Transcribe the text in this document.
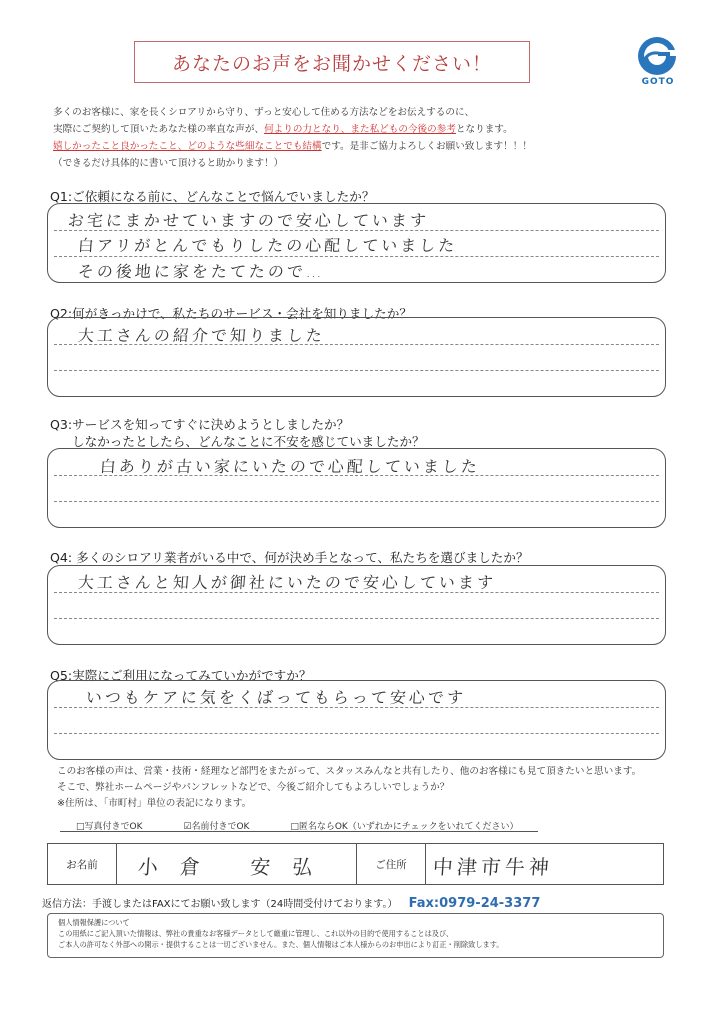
あなたのお声をお聞かせください！
GOTO
多くのお客様に、家を長くシロアリから守り、ずっと安心して住める方法などをお伝えするのに、
実際にご契約して頂いたあなた様の率直な声が、何よりの力となり、また私どもの今後の参考となります。
嬉しかったこと良かったこと、どのような些細なことでも結構です。是非ご協力よろしくお願い致します！！！
（できるだけ具体的に書いて頂けると助かります！）
Q1:ご依頼になる前に、どんなことで悩んでいましたか？
お宅にまかせていますので安心しています
白アリがとんでもりしたの心配していました
その後地に家をたてたので…
Q2:何がきっかけで、私たちのサービス・会社を知りましたか？
大工さんの紹介で知りました
Q3:サービスを知ってすぐに決めようとしましたか？
しなかったとしたら、どんなことに不安を感じていましたか？
白ありが古い家にいたので心配していました
Q4: 多くのシロアリ業者がいる中で、何が決め手となって、私たちを選びましたか？
大工さんと知人が御社にいたので安心しています
Q5:実際にご利用になってみていかがですか？
いつもケアに気をくばってもらって安心です
このお客様の声は、営業・技術・経理など部門をまたがって、スタッスみんなと共有したり、他のお客様にも見て頂きたいと思います。
そこで、弊社ホームページやパンフレットなどで、今後ご紹介してもよろしいでしょうか？
※住所は、「市町村」単位の表記になります。
□写真付きでOK	☑名前付きでOK	□匿名ならOK（いずれかにチェックをいれてください）
お名前	小倉 安弘	ご住所	中津市牛神
返信方法：手渡しまたはFAXにてお願い致します（24時間受付けております。） Fax:0979-24-3377
個人情報保護について
この用紙にご記入頂いた情報は、弊社の貴重なお客様データとして厳重に管理し、これ以外の目的で使用することは及び、
ご本人の許可なく外部への開示・提供することは一切ございません。また、個人情報はご本人様からのお申出により訂正・削除致します。
